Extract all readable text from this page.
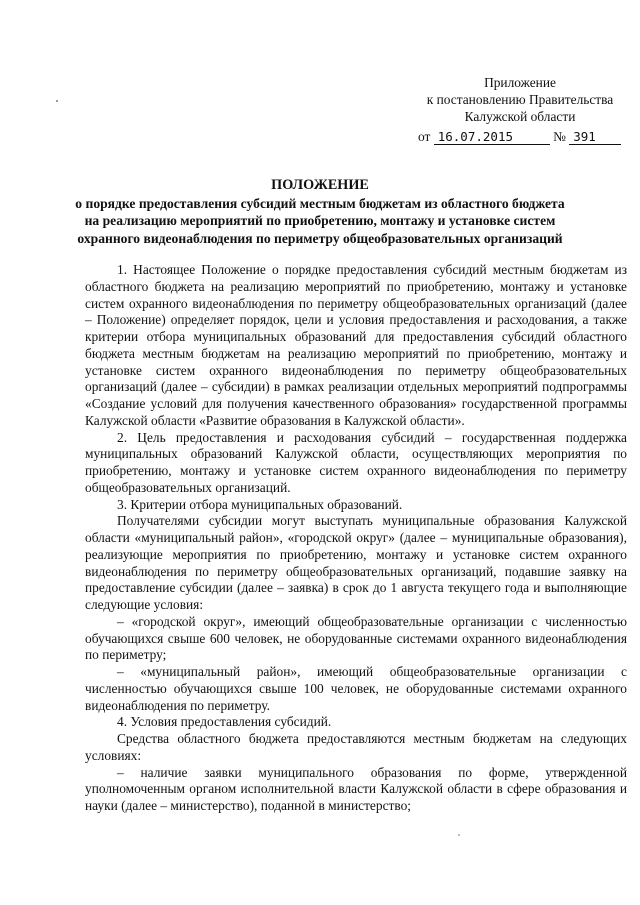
Приложение
к постановлению Правительства
Калужской области
от 16.07.2015	№ 391
ПОЛОЖЕНИЕ
о порядке предоставления субсидий местным бюджетам из областного бюджета
на реализацию мероприятий по приобретению, монтажу и установке систем
охранного видеонаблюдения по периметру общеобразовательных организаций

1. Настоящее Положение о порядке предоставления субсидий местным бюджетам из областного бюджета на реализацию мероприятий по приобретению, монтажу и установке систем охранного видеонаблюдения по периметру общеобразовательных организаций (далее – Положение) определяет порядок, цели и условия предоставления и расходования, а также критерии отбора муниципальных образований для предоставления субсидий областного бюджета местным бюджетам на реализацию мероприятий по приобретению, монтажу и установке систем охранного видеонаблюдения по периметру общеобразовательных организаций (далее – субсидии) в рамках реализации отдельных мероприятий подпрограммы «Создание условий для получения качественного образования» государственной программы Калужской области «Развитие образования в Калужской области».

2. Цель предоставления и расходования субсидий – государственная поддержка муниципальных образований Калужской области, осуществляющих мероприятия по приобретению, монтажу и установке систем охранного видеонаблюдения по периметру общеобразовательных организаций.

3. Критерии отбора муниципальных образований.

Получателями субсидии могут выступать муниципальные образования Калужской области «муниципальный район», «городской округ» (далее – муниципальные образования), реализующие мероприятия по приобретению, монтажу и установке систем охранного видеонаблюдения по периметру общеобразовательных организаций, подавшие заявку на предоставление субсидии (далее – заявка) в срок до 1 августа текущего года и выполняющие следующие условия:

– «городской округ», имеющий общеобразовательные организации с численностью обучающихся свыше 600 человек, не оборудованные системами охранного видеонаблюдения по периметру;

– «муниципальный район», имеющий общеобразовательные организации с численностью обучающихся свыше 100 человек, не оборудованные системами охранного видеонаблюдения по периметру.

4. Условия предоставления субсидий.

Средства областного бюджета предоставляются местным бюджетам на следующих условиях:

– наличие заявки муниципального образования по форме, утвержденной уполномоченным органом исполнительной власти Калужской области в сфере образования и науки (далее – министерство), поданной в министерство;
